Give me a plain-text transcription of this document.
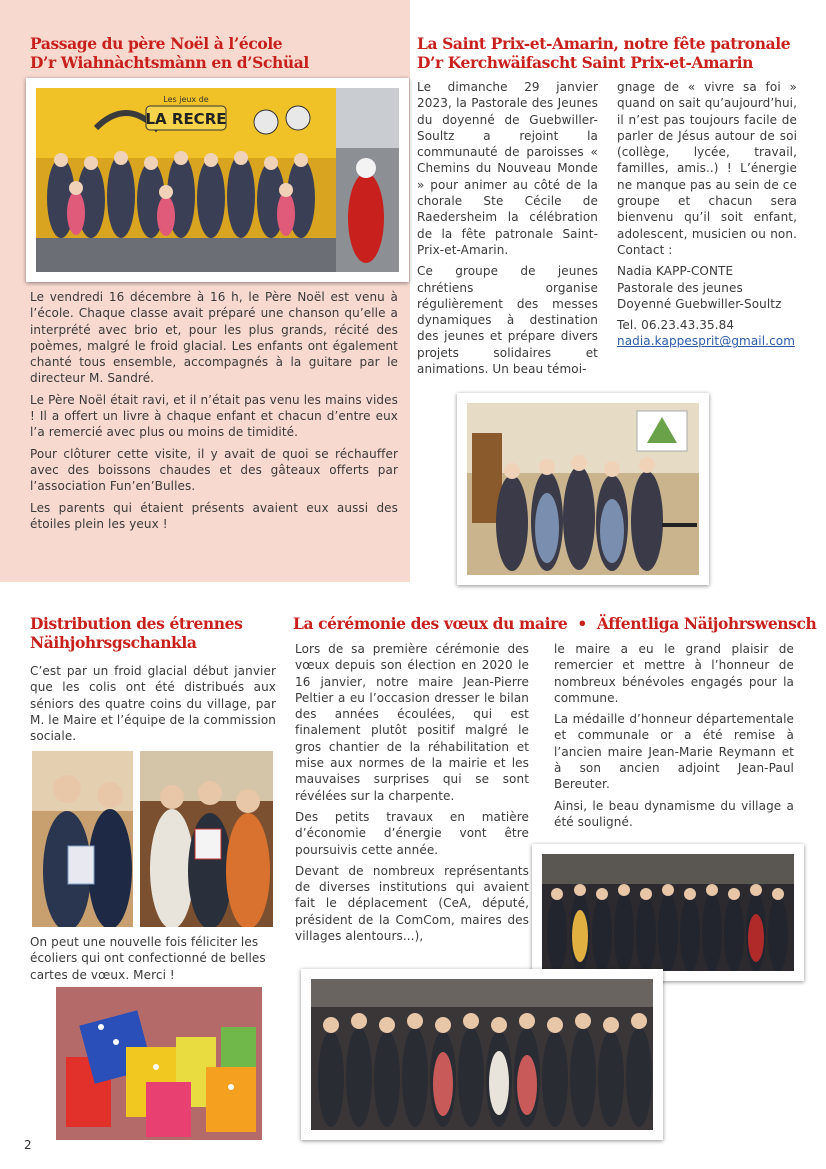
Passage du père Noël à l’école
D’r Wiahnàchtsmànn en d’Schüal
LA RECRE
Les jeux de

Le vendredi 16 décembre à 16 h, le Père Noël est venu à l’école. Chaque classe avait préparé une chanson qu’elle a interprété avec brio et, pour les plus grands, récité des poèmes, malgré le froid glacial. Les enfants ont également chanté tous ensemble, accompagnés à la guitare par le directeur M. Sandré.

Le Père Noël était ravi, et il n’était pas venu les mains vides ! Il a offert un livre à chaque enfant et chacun d’entre eux l’a remercié avec plus ou moins de timidité.

Pour clôturer cette visite, il y avait de quoi se réchauffer avec des boissons chaudes et des gâteaux offerts par l’association Fun’en’Bulles.

Les parents qui étaient présents avaient eux aussi des étoiles plein les yeux !

La Saint Prix-et-Amarin, notre fête patronale
D’r Kerchwäifascht Saint Prix-et-Amarin

Le dimanche 29 janvier 2023, la Pastorale des Jeunes du doyenné de Guebwiller-Soultz a rejoint la communauté de paroisses « Chemins du Nouveau Monde » pour animer au côté de la chorale Ste Cécile de Raedersheim la célébration de la fête patronale Saint-Prix-et-Amarin.

Ce groupe de jeunes chrétiens organise régulièrement des messes dynamiques à destination des jeunes et prépare divers projets solidaires et animations. Un beau témoi-

gnage de « vivre sa foi » quand on sait qu’aujourd’hui, il n’est pas toujours facile de parler de Jésus autour de soi (collège, lycée, travail, familles, amis..) ! L’énergie ne manque pas au sein de ce groupe et chacun sera bienvenu qu’il soit enfant, adolescent, musicien ou non. Contact :

Nadia KAPP-CONTE
Pastorale des jeunes
Doyenné Guebwiller-Soultz
Tel. 06.23.43.35.84
nadia.kappesprit@gmail.com
Distribution des étrennes
Näihjohrsgschankla
C’est par un froid glacial début janvier que les colis ont été distribués aux séniors des quatre coins du village, par M. le Maire et l’équipe de la commission sociale.
On peut une nouvelle fois féliciter les écoliers qui ont confectionné de belles cartes de vœux. Merci !
La cérémonie des vœux du maire  •  Äffentliga Näijohrswensch

Lors de sa première cérémonie des vœux depuis son élection en 2020 le 16 janvier, notre maire Jean-Pierre Peltier a eu l’occasion dresser le bilan des années écoulées, qui est finalement plutôt positif malgré le gros chantier de la réhabilitation et mise aux normes de la mairie et les mauvaises surprises qui se sont révélées sur la charpente.

Des petits travaux en matière d’économie d’énergie vont être poursuivis cette année.

Devant de nombreux représentants de diverses institutions qui avaient fait le déplacement (CeA, député, président de la ComCom, maires des villages alentours...),

le maire a eu le grand plaisir de remercier et mettre à l’honneur de nombreux bénévoles engagés pour la commune.

La médaille d’honneur départementale et communale or a été remise à l’ancien maire Jean-Marie Reymann et à son ancien adjoint Jean-Paul Bereuter.

Ainsi, le beau dynamisme du village a été souligné.

2
